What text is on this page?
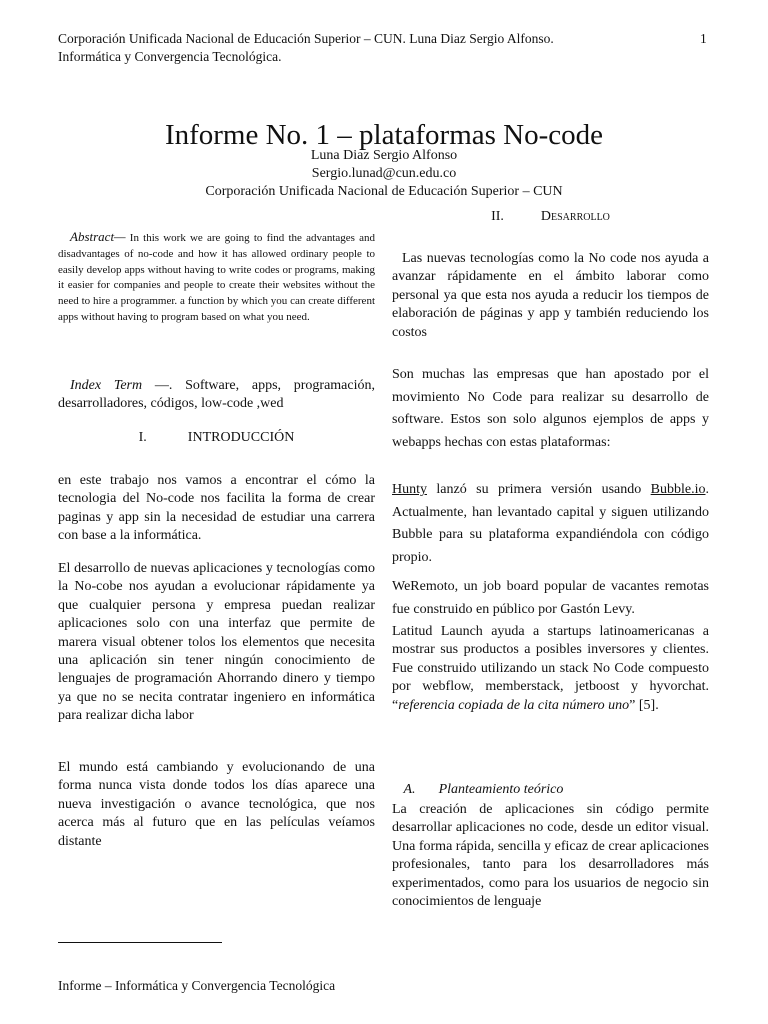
Corporación Unificada Nacional de Educación Superior – CUN. Luna Diaz Sergio Alfonso.
Informática y Convergencia Tecnológica.
1
Informe No. 1 – plataformas No-code
Luna Diaz Sergio Alfonso
Sergio.lunad@cun.edu.co
Corporación Unificada Nacional de Educación Superior – CUN
Abstract— In this work we are going to find the advantages and disadvantages of no-code and how it has allowed ordinary people to easily develop apps without having to write codes or programs, making it easier for companies and people to create their websites without the need to hire a programmer. a function by which you can create different apps without having to program based on what you need.
Index Term —. Software, apps, programación, desarrolladores, códigos, low-code ,wed
I.	INTRODUCCIÓN

en este trabajo nos vamos a encontrar el cómo la tecnologia del No-code nos facilita la forma de crear paginas y app sin la necesidad de estudiar una carrera con base a la informática.

El desarrollo de nuevas aplicaciones y tecnologías como la No-cobe nos ayudan a evolucionar rápidamente ya que cualquier persona y empresa puedan realizar aplicaciones solo con una interfaz que permite de marera visual obtener tolos los elementos que necesita una aplicación sin tener ningún conocimiento de lenguajes de programación Ahorrando dinero y tiempo ya que no se necita contratar ingeniero en informática para realizar dicha labor

El mundo está cambiando y evolucionando de una forma nunca vista donde todos los días aparece una nueva investigación o avance tecnológica, que nos acerca más al futuro que en las películas veíamos distante

II.	Desarrollo

Las nuevas tecnologías como la No code nos ayuda a avanzar rápidamente en el ámbito laborar como personal ya que esta nos ayuda a reducir los tiempos de elaboración de páginas y app y también reduciendo los costos

Son muchas las empresas que han apostado por el movimiento No Code para realizar su desarrollo de software. Estos son solo algunos ejemplos de apps y webapps hechas con estas plataformas:

Hunty lanzó su primera versión usando Bubble.io. Actualmente, han levantado capital y siguen utilizando Bubble para su plataforma expandiéndola con código propio.

WeRemoto, un job board popular de vacantes remotas fue construido en público por Gastón Levy.

Latitud Launch ayuda a startups latinoamericanas a mostrar sus productos a posibles inversores y clientes. Fue construido utilizando un stack No Code compuesto por webflow, memberstack, jetboost y hyvorchat. “referencia copiada de la cita número uno” [5].

A. Planteamiento teórico

La creación de aplicaciones sin código permite desarrollar aplicaciones no code, desde un editor visual. Una forma rápida, sencilla y eficaz de crear aplicaciones profesionales, tanto para los desarrolladores más experimentados, como para los usuarios de negocio sin conocimientos de lenguaje

Informe – Informática y Convergencia Tecnológica
